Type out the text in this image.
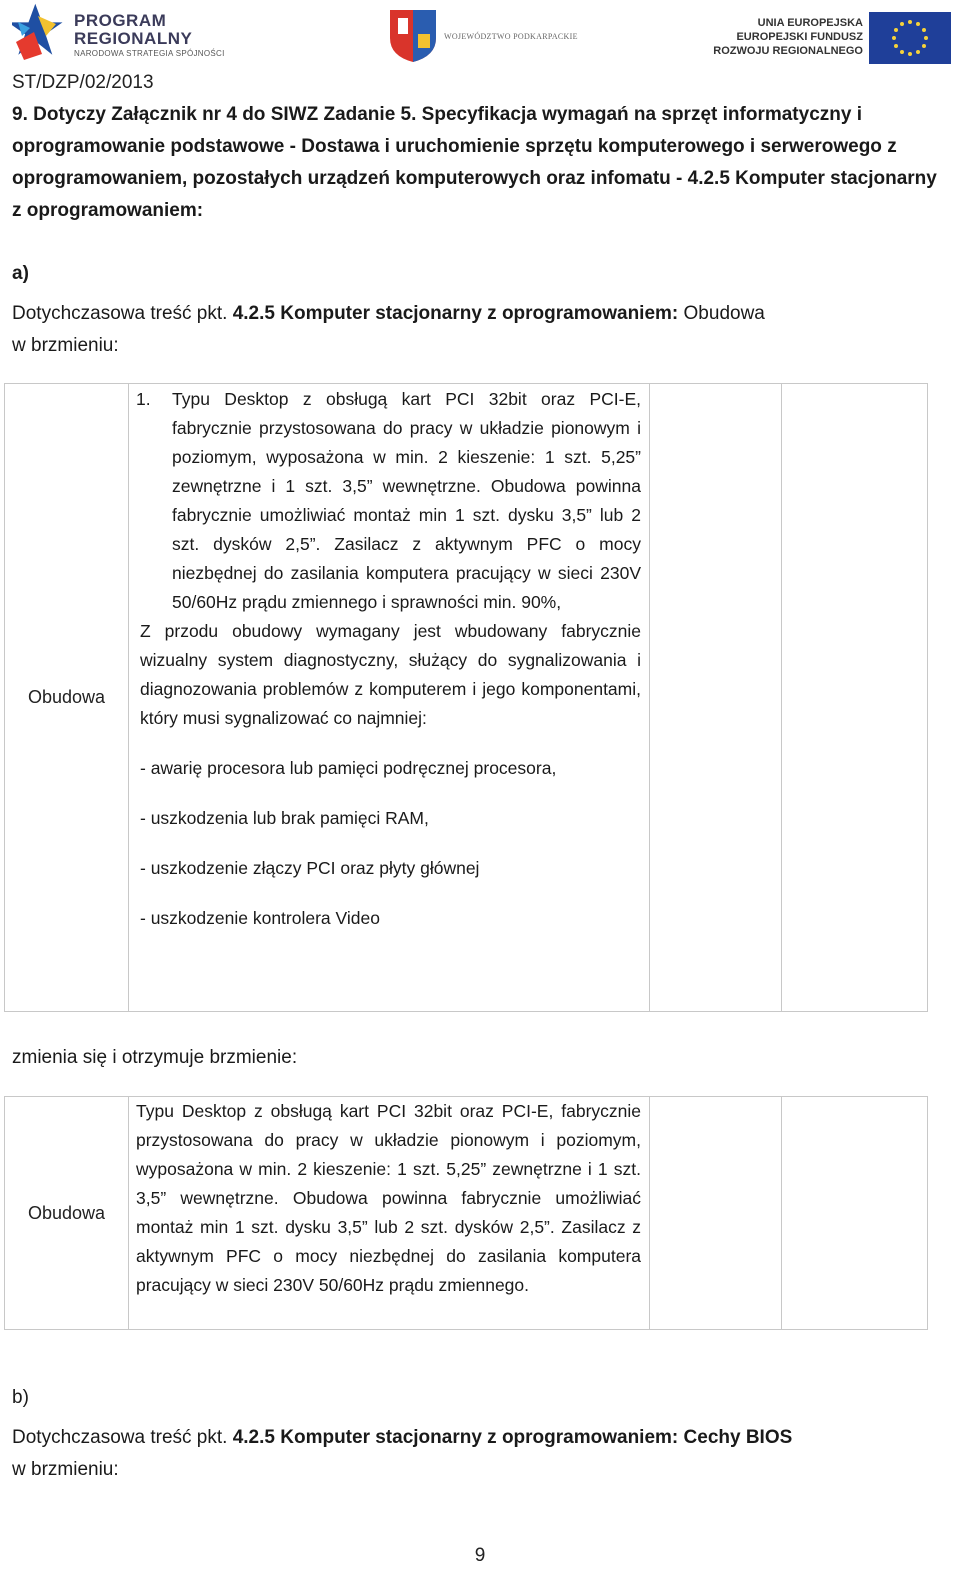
PROGRAM
REGIONALNY
NARODOWA STRATEGIA SPÓJNOŚCI
WOJEWÓDZTWO PODKARPACKIE
UNIA EUROPEJSKA
EUROPEJSKI FUNDUSZ
ROZWOJU REGIONALNEGO
ST/DZP/02/2013
9. Dotyczy Załącznik nr 4 do SIWZ Zadanie 5. Specyfikacja wymagań na sprzęt informatyczny i oprogramowanie podstawowe - Dostawa i uruchomienie sprzętu komputerowego i serwerowego z oprogramowaniem, pozostałych urządzeń komputerowych oraz infomatu - 4.2.5 Komputer stacjonarny z oprogramowaniem:
a)
Dotychczasowa treść pkt. 4.2.5 Komputer stacjonarny z oprogramowaniem: Obudowa
w brzmieniu:
Obudowa	
1.	Typu Desktop z obsługą kart PCI 32bit oraz PCI-E, fabrycznie przystosowana do pracy w układzie pionowym i poziomym, wyposażona w min. 2 kieszenie: 1 szt. 5,25” zewnętrzne i 1 szt. 3,5” wewnętrzne. Obudowa powinna fabrycznie umożliwiać montaż min 1 szt. dysku 3,5” lub 2 szt. dysków 2,5”. Zasilacz z aktywnym PFC o mocy niezbędnej do zasilania komputera pracujący w sieci 230V 50/60Hz prądu zmiennego i sprawności min. 90%,
Z przodu obudowy wymagany jest wbudowany fabrycznie wizualny system diagnostyczny, służący do sygnalizowania i diagnozowania problemów z komputerem i jego komponentami, który musi sygnalizować co najmniej:
- awarię procesora lub pamięci podręcznej procesora,
- uszkodzenia lub brak pamięci RAM,
- uszkodzenie złączy PCI oraz płyty głównej
- uszkodzenie kontrolera Video

zmienia się i otrzymuje brzmienie:
Obudowa	
Typu Desktop z obsługą kart PCI 32bit oraz PCI-E, fabrycznie przystosowana do pracy w układzie pionowym i poziomym, wyposażona w min. 2 kieszenie: 1 szt. 5,25” zewnętrzne i 1 szt. 3,5” wewnętrzne. Obudowa powinna fabrycznie umożliwiać montaż min 1 szt. dysku 3,5” lub 2 szt. dysków 2,5”. Zasilacz z aktywnym PFC o mocy niezbędnej do zasilania komputera pracujący w sieci 230V 50/60Hz prądu zmiennego.

b)
Dotychczasowa treść pkt. 4.2.5 Komputer stacjonarny z oprogramowaniem: Cechy BIOS
w brzmieniu:
9
